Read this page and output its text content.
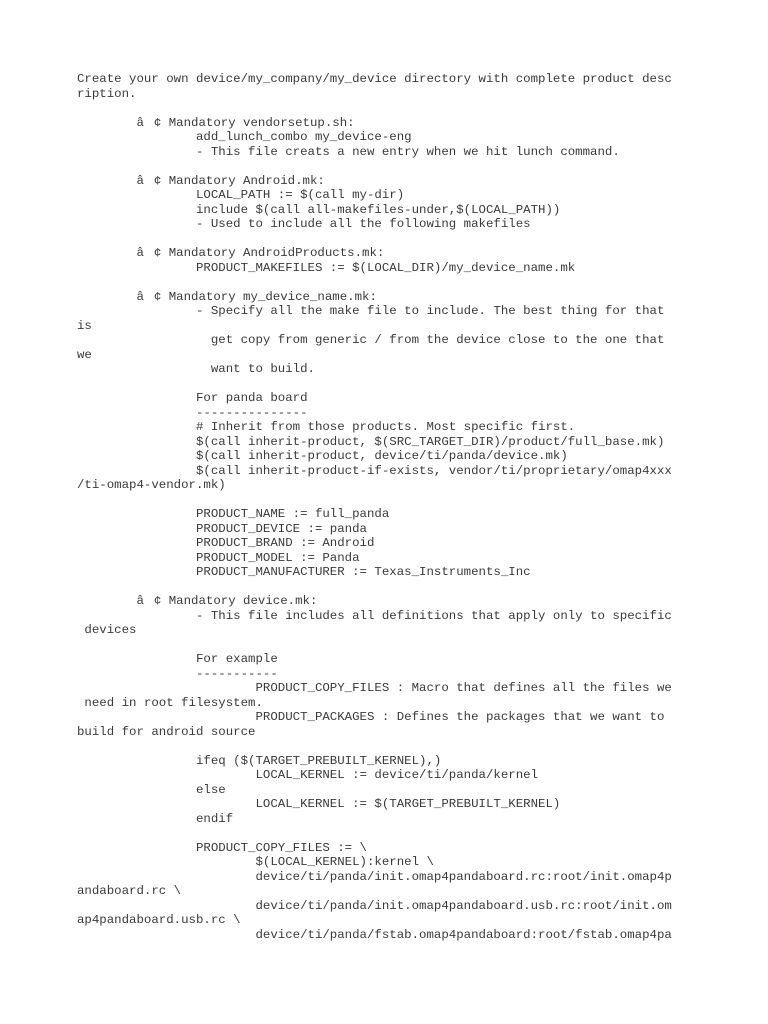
Create your own device/my_company/my_device directory with complete product desc
ription.
â¢ Mandatory vendorsetup.sh:
add_lunch_combo my_device-eng
- This file creats a new entry when we hit lunch command.
â¢ Mandatory Android.mk:
LOCAL_PATH := $(call my-dir)
include $(call all-makefiles-under,$(LOCAL_PATH))
- Used to include all the following makefiles
â¢ Mandatory AndroidProducts.mk:
PRODUCT_MAKEFILES := $(LOCAL_DIR)/my_device_name.mk
â¢ Mandatory my_device_name.mk:
- Specify all the make file to include. The best thing for that
is
get copy from generic / from the device close to the one that
we
want to build.
For panda board
---------------
# Inherit from those products. Most specific first.
$(call inherit-product, $(SRC_TARGET_DIR)/product/full_base.mk)
$(call inherit-product, device/ti/panda/device.mk)
$(call inherit-product-if-exists, vendor/ti/proprietary/omap4xxx
/ti-omap4-vendor.mk)
PRODUCT_NAME := full_panda
PRODUCT_DEVICE := panda
PRODUCT_BRAND := Android
PRODUCT_MODEL := Panda
PRODUCT_MANUFACTURER := Texas_Instruments_Inc
â¢ Mandatory device.mk:
- This file includes all definitions that apply only to specific
devices
For example
-----------
PRODUCT_COPY_FILES : Macro that defines all the files we
need in root filesystem.
PRODUCT_PACKAGES : Defines the packages that we want to
build for android source
ifeq ($(TARGET_PREBUILT_KERNEL),)
LOCAL_KERNEL := device/ti/panda/kernel
else
LOCAL_KERNEL := $(TARGET_PREBUILT_KERNEL)
endif
PRODUCT_COPY_FILES := \
$(LOCAL_KERNEL):kernel \
device/ti/panda/init.omap4pandaboard.rc:root/init.omap4p
andaboard.rc \
device/ti/panda/init.omap4pandaboard.usb.rc:root/init.om
ap4pandaboard.usb.rc \
device/ti/panda/fstab.omap4pandaboard:root/fstab.omap4pa
